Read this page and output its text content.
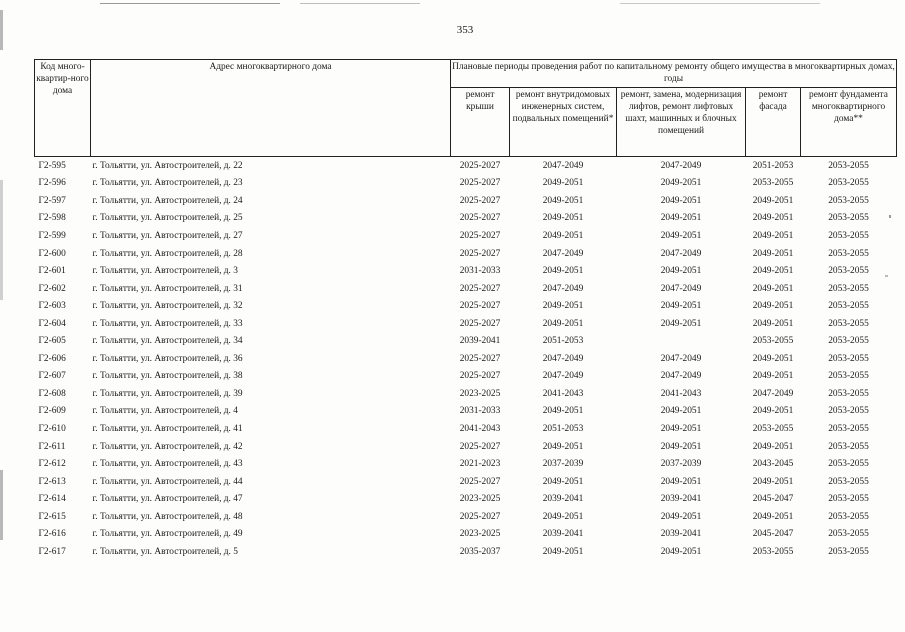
353
Код много-квартир-ного дома	Адрес многоквартирного дома	Плановые периоды проведения работ по капитальному ремонту общего имущества в многоквартирных домах, годы				
		ремонт крыши	ремонт внутридомовых инженерных систем, подвальных помещений*	ремонт, замена, модернизация лифтов, ремонт лифтовых шахт, машинных и блочных помещений	ремонт фасада	ремонт фундамента многоквартирного дома**
Г2-595	г. Тольятти, ул. Автостроителей, д. 22	2025-2027	2047-2049	2047-2049	2051-2053	2053-2055
Г2-596	г. Тольятти, ул. Автостроителей, д. 23	2025-2027	2049-2051	2049-2051	2053-2055	2053-2055
Г2-597	г. Тольятти, ул. Автостроителей, д. 24	2025-2027	2049-2051	2049-2051	2049-2051	2053-2055
Г2-598	г. Тольятти, ул. Автостроителей, д. 25	2025-2027	2049-2051	2049-2051	2049-2051	2053-2055
Г2-599	г. Тольятти, ул. Автостроителей, д. 27	2025-2027	2049-2051	2049-2051	2049-2051	2053-2055
Г2-600	г. Тольятти, ул. Автостроителей, д. 28	2025-2027	2047-2049	2047-2049	2049-2051	2053-2055
Г2-601	г. Тольятти, ул. Автостроителей, д. 3	2031-2033	2049-2051	2049-2051	2049-2051	2053-2055
Г2-602	г. Тольятти, ул. Автостроителей, д. 31	2025-2027	2047-2049	2047-2049	2049-2051	2053-2055
Г2-603	г. Тольятти, ул. Автостроителей, д. 32	2025-2027	2049-2051	2049-2051	2049-2051	2053-2055
Г2-604	г. Тольятти, ул. Автостроителей, д. 33	2025-2027	2049-2051	2049-2051	2049-2051	2053-2055
Г2-605	г. Тольятти, ул. Автостроителей, д. 34	2039-2041	2051-2053		2053-2055	2053-2055
Г2-606	г. Тольятти, ул. Автостроителей, д. 36	2025-2027	2047-2049	2047-2049	2049-2051	2053-2055
Г2-607	г. Тольятти, ул. Автостроителей, д. 38	2025-2027	2047-2049	2047-2049	2049-2051	2053-2055
Г2-608	г. Тольятти, ул. Автостроителей, д. 39	2023-2025	2041-2043	2041-2043	2047-2049	2053-2055
Г2-609	г. Тольятти, ул. Автостроителей, д. 4	2031-2033	2049-2051	2049-2051	2049-2051	2053-2055
Г2-610	г. Тольятти, ул. Автостроителей, д. 41	2041-2043	2051-2053	2049-2051	2053-2055	2053-2055
Г2-611	г. Тольятти, ул. Автостроителей, д. 42	2025-2027	2049-2051	2049-2051	2049-2051	2053-2055
Г2-612	г. Тольятти, ул. Автостроителей, д. 43	2021-2023	2037-2039	2037-2039	2043-2045	2053-2055
Г2-613	г. Тольятти, ул. Автостроителей, д. 44	2025-2027	2049-2051	2049-2051	2049-2051	2053-2055
Г2-614	г. Тольятти, ул. Автостроителей, д. 47	2023-2025	2039-2041	2039-2041	2045-2047	2053-2055
Г2-615	г. Тольятти, ул. Автостроителей, д. 48	2025-2027	2049-2051	2049-2051	2049-2051	2053-2055
Г2-616	г. Тольятти, ул. Автостроителей, д. 49	2023-2025	2039-2041	2039-2041	2045-2047	2053-2055
Г2-617	г. Тольятти, ул. Автостроителей, д. 5	2035-2037	2049-2051	2049-2051	2053-2055	2053-2055
